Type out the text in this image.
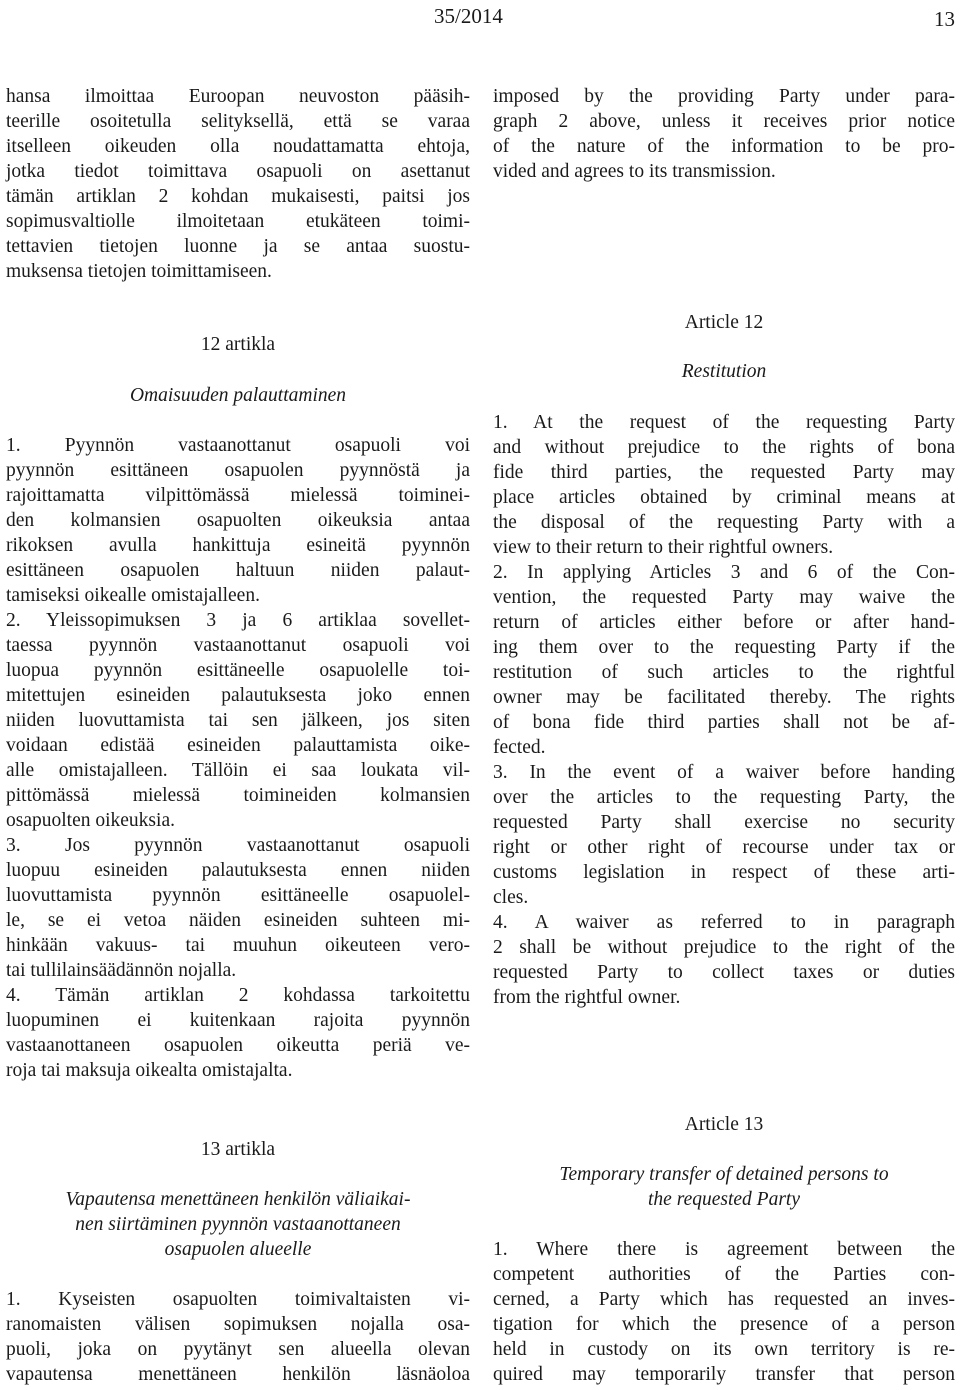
35/2014	13
hansa ilmoittaa Euroopan neuvoston pääsih-
teerille osoitetulla selityksellä, että se varaa
itselleen oikeuden olla noudattamatta ehtoja,
jotka tiedot toimittava osapuoli on asettanut
tämän artiklan 2 kohdan mukaisesti, paitsi jos
sopimusvaltiolle ilmoitetaan etukäteen toimi-
tettavien tietojen luonne ja se antaa suostu-
muksensa tietojen toimittamiseen.
12 artikla
Omaisuuden palauttaminen
1. Pyynnön vastaanottanut osapuoli voi
pyynnön esittäneen osapuolen pyynnöstä ja
rajoittamatta vilpittömässä mielessä toiminei-
den kolmansien osapuolten oikeuksia antaa
rikoksen avulla hankittuja esineitä pyynnön
esittäneen osapuolen haltuun niiden palaut-
tamiseksi oikealle omistajalleen.
2. Yleissopimuksen 3 ja 6 artiklaa sovellet-
taessa pyynnön vastaanottanut osapuoli voi
luopua pyynnön esittäneelle osapuolelle toi-
mitettujen esineiden palautuksesta joko ennen
niiden luovuttamista tai sen jälkeen, jos siten
voidaan edistää esineiden palauttamista oike-
alle omistajalleen. Tällöin ei saa loukata vil-
pittömässä mielessä toimineiden kolmansien
osapuolten oikeuksia.
3. Jos pyynnön vastaanottanut osapuoli
luopuu esineiden palautuksesta ennen niiden
luovuttamista pyynnön esittäneelle osapuolel-
le, se ei vetoa näiden esineiden suhteen mi-
hinkään vakuus- tai muuhun oikeuteen vero-
tai tullilainsäädännön nojalla.
4. Tämän artiklan 2 kohdassa tarkoitettu
luopuminen ei kuitenkaan rajoita pyynnön
vastaanottaneen osapuolen oikeutta periä ve-
roja tai maksuja oikealta omistajalta.
13 artikla
Vapautensa menettäneen henkilön väliaikai-
nen siirtäminen pyynnön vastaanottaneen
osapuolen alueelle
1. Kyseisten osapuolten toimivaltaisten vi-
ranomaisten välisen sopimuksen nojalla osa-
puoli, joka on pyytänyt sen alueella olevan
vapautensa menettäneen henkilön läsnäoloa
imposed by the providing Party under para-
graph 2 above, unless it receives prior notice
of the nature of the information to be pro-
vided and agrees to its transmission.
Article 12
Restitution
1. At the request of the requesting Party
and without prejudice to the rights of bona
fide third parties, the requested Party may
place articles obtained by criminal means at
the disposal of the requesting Party with a
view to their return to their rightful owners.
2. In applying Articles 3 and 6 of the Con-
vention, the requested Party may waive the
return of articles either before or after hand-
ing them over to the requesting Party if the
restitution of such articles to the rightful
owner may be facilitated thereby. The rights
of bona fide third parties shall not be af-
fected.
3. In the event of a waiver before handing
over the articles to the requesting Party, the
requested Party shall exercise no security
right or other right of recourse under tax or
customs legislation in respect of these arti-
cles.
4. A waiver as referred to in paragraph
2 shall be without prejudice to the right of the
requested Party to collect taxes or duties
from the rightful owner.
Article 13
Temporary transfer of detained persons to
the requested Party
1. Where there is agreement between the
competent authorities of the Parties con-
cerned, a Party which has requested an inves-
tigation for which the presence of a person
held in custody on its own territory is re-
quired may temporarily transfer that person
